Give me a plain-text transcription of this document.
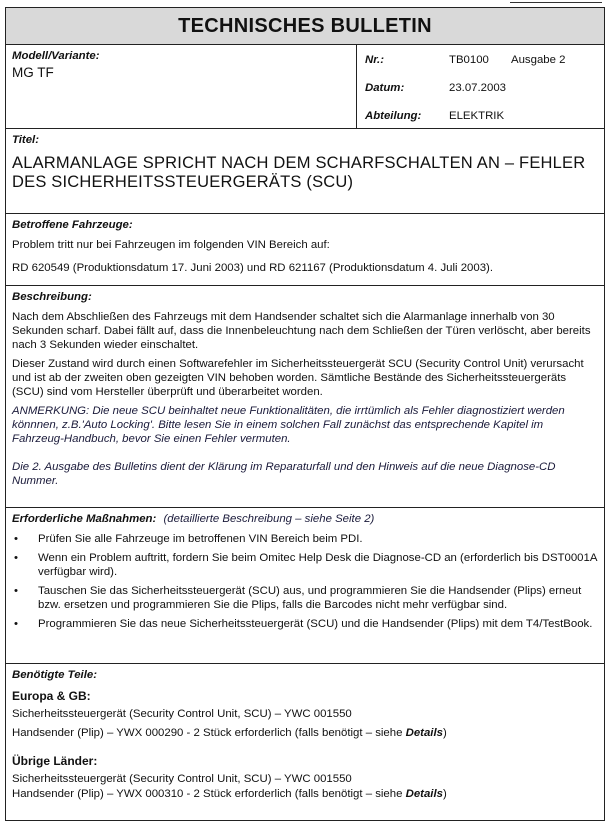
TECHNISCHES BULLETIN
Modell/Variante:
MG TF
Nr.:	TB0100	Ausgabe 2
Datum:	23.07.2003
Abteilung:	ELEKTRIK
Titel:
ALARMANLAGE SPRICHT NACH DEM SCHARFSCHALTEN AN – FEHLER DES SICHERHEITSSTEUERGERÄTS (SCU)
Betroffene Fahrzeuge:

Problem tritt nur bei Fahrzeugen im folgenden VIN Bereich auf:

RD 620549 (Produktionsdatum 17. Juni 2003) und RD 621167 (Produktionsdatum 4. Juli 2003).

Beschreibung:

Nach dem Abschließen des Fahrzeugs mit dem Handsender schaltet sich die Alarmanlage innerhalb von 30 Sekunden scharf. Dabei fällt auf, dass die Innenbeleuchtung nach dem Schließen der Türen verlöscht, aber bereits nach 3 Sekunden wieder einschaltet.

Dieser Zustand wird durch einen Softwarefehler im Sicherheitssteuergerät SCU (Security Control Unit) verursacht und ist ab der zweiten oben gezeigten VIN behoben worden. Sämtliche Bestände des Sicherheitssteuergeräts (SCU) sind vom Hersteller überprüft und überarbeitet worden.

ANMERKUNG: Die neue SCU beinhaltet neue Funktionalitäten, die irrtümlich als Fehler diagnostiziert werden könnnen, z.B.'Auto Locking'. Bitte lesen Sie in einem solchen Fall zunächst das entsprechende Kapitel im Fahrzeug-Handbuch, bevor Sie einen Fehler vermuten.

Die 2. Ausgabe des Bulletins dient der Klärung im Reparaturfall und den Hinweis auf die neue Diagnose-CD Nummer.

Erforderliche Maßnahmen: (detaillierte Beschreibung – siehe Seite 2)
• Prüfen Sie alle Fahrzeuge im betroffenen VIN Bereich beim PDI.
• Wenn ein Problem auftritt, fordern Sie beim Omitec Help Desk die Diagnose-CD an (erforderlich bis DST0001A verfügbar wird).
• Tauschen Sie das Sicherheitssteuergerät (SCU) aus, und programmieren Sie die Handsender (Plips) erneut bzw. ersetzen und programmieren Sie die Plips, falls die Barcodes nicht mehr verfügbar sind.
• Programmieren Sie das neue Sicherheitssteuergerät (SCU) und die Handsender (Plips) mit dem T4/TestBook.
Benötigte Teile:
Europa & GB:
Sicherheitssteuergerät (Security Control Unit, SCU) – YWC 001550
Handsender (Plip) – YWX 000290 - 2 Stück erforderlich (falls benötigt – siehe Details)
Übrige Länder:
Sicherheitssteuergerät (Security Control Unit, SCU) – YWC 001550
Handsender (Plip) – YWX 000310 - 2 Stück erforderlich (falls benötigt – siehe Details)
